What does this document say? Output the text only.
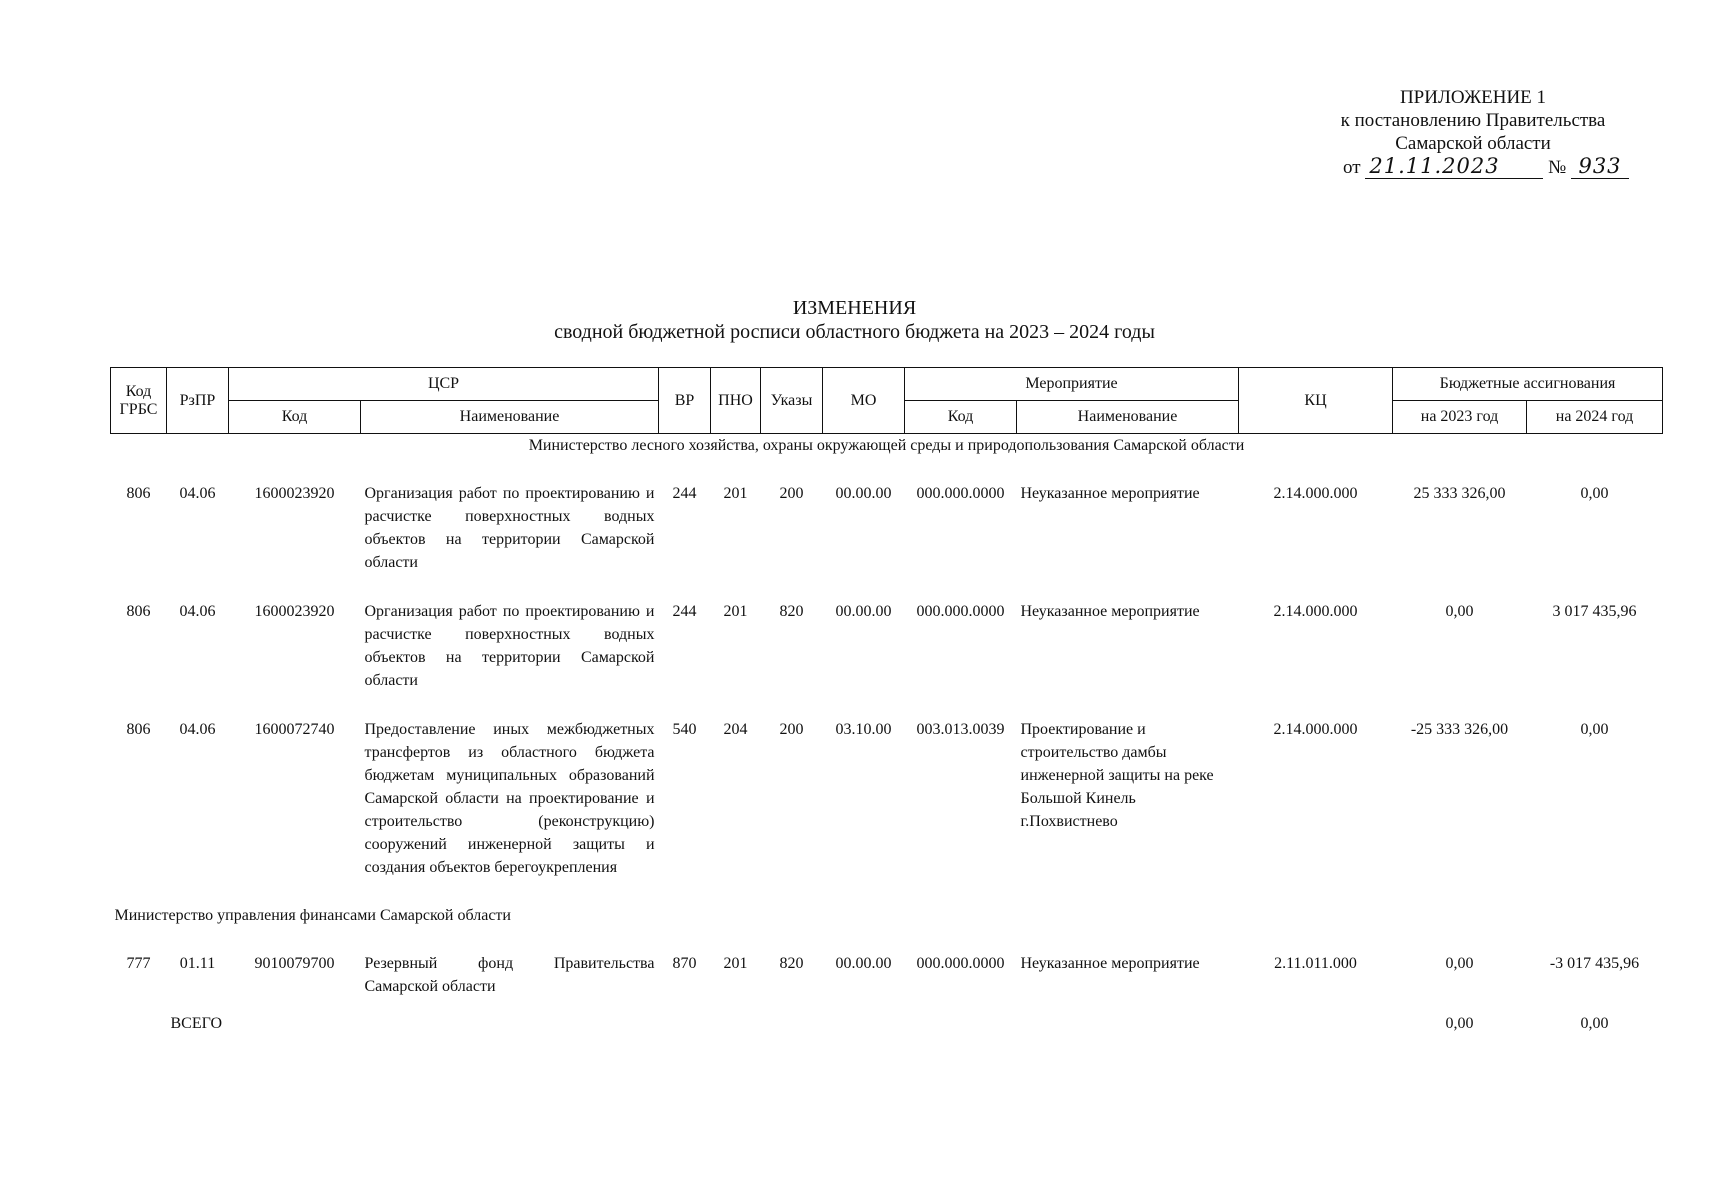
ПРИЛОЖЕНИЕ 1
к постановлению Правительства
Самарской области
от 21.11.2023	№ 933
ИЗМЕНЕНИЯ
сводной бюджетной росписи областного бюджета на 2023 – 2024 годы
Код ГРБС	РзПР	ЦСР		ВР	ПНО	Указы	МО	Мероприятие		КЦ	Бюджетные ассигнования	
		Код	Наименование					Код	Наименование		на 2023 год	на 2024 год
Министерство лесного хозяйства, охраны окружающей среды и природопользования Самарской области												
806	04.06	1600023920	Организация работ по проектированию и расчистке поверхностных водных объектов на территории Самарской области	244	201	200	00.00.00	000.000.0000	Неуказанное мероприятие	2.14.000.000	25 333 326,00	0,00
806	04.06	1600023920	Организация работ по проектированию и расчистке поверхностных водных объектов на территории Самарской области	244	201	820	00.00.00	000.000.0000	Неуказанное мероприятие	2.14.000.000	0,00	3 017 435,96
806	04.06	1600072740	Предоставление иных межбюджетных трансфертов из областного бюджета бюджетам муниципальных образований Самарской области на проектирование и строительство (реконструкцию) сооружений инженерной защиты и создания объектов берегоукрепления	540	204	200	03.10.00	003.013.0039	Проектирование и строительство дамбы инженерной защиты на реке Большой Кинель г.Похвистнево	2.14.000.000	-25 333 326,00	0,00
Министерство управления финансами Самарской области												
777	01.11	9010079700	Резервный фонд Правительства Самарской области	870	201	820	00.00.00	000.000.0000	Неуказанное мероприятие	2.11.011.000	0,00	-3 017 435,96
	ВСЕГО										0,00	0,00
